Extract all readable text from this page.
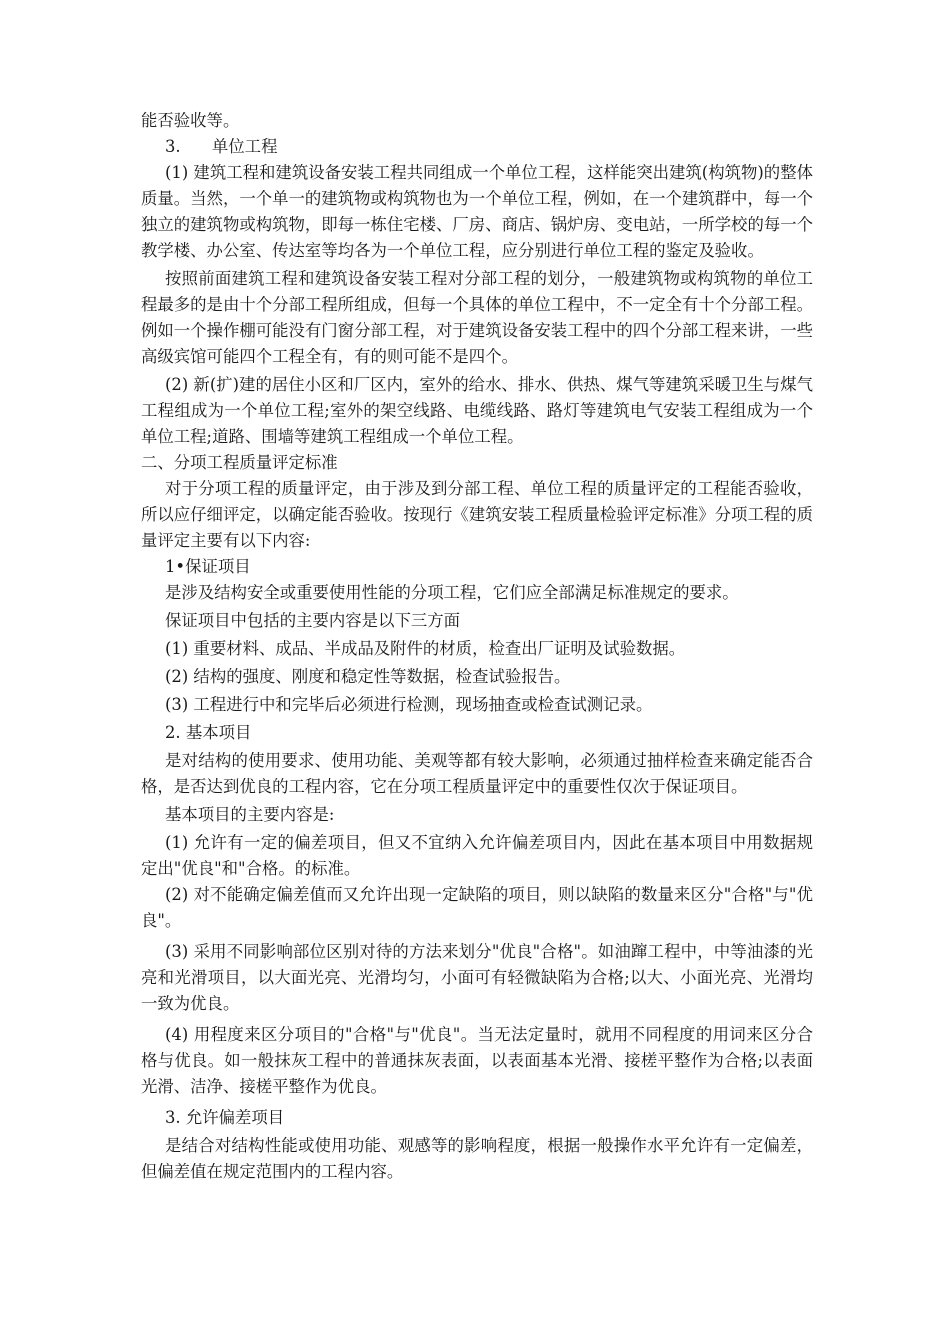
能否验收等。

3.      单位工程

(1) 建筑工程和建筑设备安装工程共同组成一个单位工程，这样能突出建筑(构筑物)的整体质量。当然，一个单一的建筑物或构筑物也为一个单位工程，例如，在一个建筑群中，每一个独立的建筑物或构筑物，即每一栋住宅楼、厂房、商店、锅炉房、变电站，一所学校的每一个教学楼、办公室、传达室等均各为一个单位工程，应分别进行单位工程的鉴定及验收。

按照前面建筑工程和建筑设备安装工程对分部工程的划分，一般建筑物或构筑物的单位工程最多的是由十个分部工程所组成，但每一个具体的单位工程中，不一定全有十个分部工程。例如一个操作棚可能没有门窗分部工程，对于建筑设备安装工程中的四个分部工程来讲，一些高级宾馆可能四个工程全有，有的则可能不是四个。

(2) 新(扩)建的居住小区和厂区内，室外的给水、排水、供热、煤气等建筑采暖卫生与煤气工程组成为一个单位工程;室外的架空线路、电缆线路、路灯等建筑电气安装工程组成为一个单位工程;道路、围墙等建筑工程组成一个单位工程。

二、分项工程质量评定标准

对于分项工程的质量评定，由于涉及到分部工程、单位工程的质量评定的工程能否验收，所以应仔细评定，以确定能否验收。按现行《建筑安装工程质量检验评定标准》分项工程的质量评定主要有以下内容:

1•保证项目

是涉及结构安全或重要使用性能的分项工程，它们应全部满足标准规定的要求。

保证项目中包括的主要内容是以下三方面

(1) 重要材料、成品、半成品及附件的材质，检查出厂证明及试验数据。

(2) 结构的强度、刚度和稳定性等数据，检查试验报告。

(3) 工程进行中和完毕后必须进行检测，现场抽查或检查试测记录。

2. 基本项目

是对结构的使用要求、使用功能、美观等都有较大影响，必须通过抽样检查来确定能否合格，是否达到优良的工程内容，它在分项工程质量评定中的重要性仅次于保证项目。

基本项目的主要内容是:

(1) 允许有一定的偏差项目，但又不宜纳入允许偏差项目内，因此在基本项目中用数据规定出"优良"和"合格。的标准。

(2) 对不能确定偏差值而又允许出现一定缺陷的项目，则以缺陷的数量来区分"合格"与"优良"。

(3) 采用不同影响部位区别对待的方法来划分"优良"合格"。如油蹿工程中，中等油漆的光亮和光滑项目，以大面光亮、光滑均匀，小面可有轻微缺陷为合格;以大、小面光亮、光滑均一致为优良。

(4) 用程度来区分项目的"合格"与"优良"。当无法定量时，就用不同程度的用词来区分合格与优良。如一般抹灰工程中的普通抹灰表面，以表面基本光滑、接槎平整作为合格;以表面光滑、洁净、接槎平整作为优良。

3. 允许偏差项目

是结合对结构性能或使用功能、观感等的影响程度，根据一般操作水平允许有一定偏差，但偏差值在规定范围内的工程内容。
